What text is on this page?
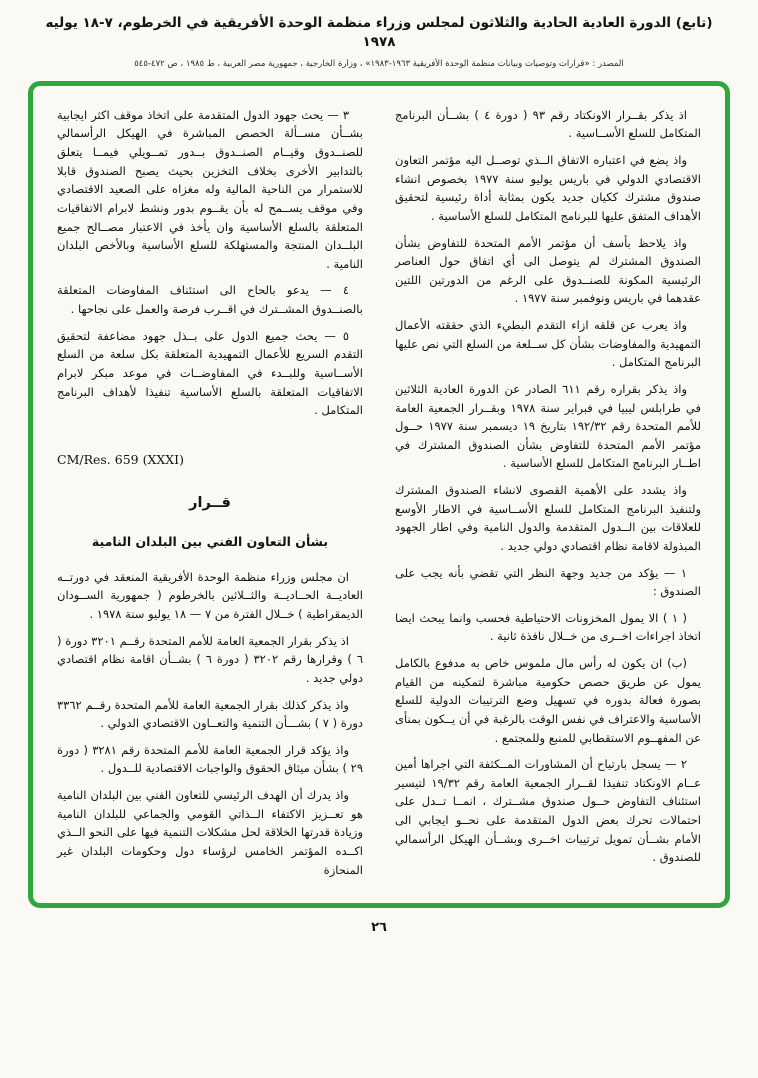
(تابع) الدورة العادية الحادية والثلاثون لمجلس وزراء منظمة الوحدة الأفريقية في الخرطوم، ٧-١٨ يوليه ١٩٧٨
المصدر : «قرارات وتوصيات وبيانات منظمة الوحدة الأفريقية ١٩٦٣-١٩٨٣» ، وزارة الخارجية ، جمهورية مصر العربية ، ط ١٩٨٥ ، ص ٤٧٢-٥٤٥

اذ يذكر بقــرار الاونكتاد رقم ٩٣ ( دورة ٤ ) بشــأن البرنامج المتكامل للسلع الأســاسية .

واذ يضع في اعتباره الاتفاق الــذي توصــل اليه مؤتمر التعاون الاقتصادي الدولي في باريس يوليو سنة ١٩٧٧ بخصوص انشاء صندوق مشترك ككيان جديد يكون بمثابة أداة رئيسية لتحقيق الأهداف المتفق عليها للبرنامج المتكامل للسلع الأساسية .

واذ يلاحظ بأسف أن مؤتمر الأمم المتحدة للتفاوض بشأن الصندوق المشترك لم يتوصل الى أي اتفاق حول العناصر الرئيسية المكونة للصنــدوق على الرغم من الدورتين اللتين عقدهما في باريس ونوفمبر سنة ١٩٧٧ .

واذ يعرب عن قلقه ازاء التقدم البطيء الذي حققته الأعمال التمهيدية والمفاوضات بشأن كل ســلعة من السلع التي نص عليها البرنامج المتكامل .

واذ يذكر بقراره رقم ٦١١ الصادر عن الدورة العادية الثلاثين في طرابلس ليبيا في فبراير سنة ١٩٧٨ وبقــرار الجمعية العامة للأمم المتحدة رقم ١٩٢/٣٢ بتاريخ ١٩ ديسمبر سنة ١٩٧٧ حــول مؤتمر الأمم المتحدة للتفاوض بشأن الصندوق المشترك في اطــار البرنامج المتكامل للسلع الأساسية .

واذ يشدد على الأهمية القصوى لانشاء الصندوق المشترك ولتنفيذ البرنامج المتكامل للسلع الأســاسية في الاطار الأوسع للعلاقات بين الــدول المتقدمة والدول النامية وفي اطار الجهود المبذولة لاقامة نظام اقتصادي دولي جديد .

١ — يؤكد من جديد وجهة النظر التي تقضي بأنه يجب على الصندوق :

( ١ ) الا يمول المخزونات الاحتياطية فحسب وانما يبحث ايضا اتخاذ اجراءات اخــرى من خــلال نافذة ثانية .

(ب) ان يكون له رأس مال ملموس خاص به مدفوع بالكامل يمول عن طريق حصص حكومية مباشرة لتمكينه من القيام بصورة فعالة بدوره في تسهيل وضع الترتيبات الدولية للسلع الأساسية والاعتراف في نفس الوقت بالرغبة في أن يــكون بمنأى عن المفهــوم الاستقطابي للمنبع وللمجتمع .

٢ — يسجل بارتياح أن المشاورات المــكثفة التي اجراها أمين عــام الاونكتاد تنفيذا لقــرار الجمعية العامة رقم ١٩/٣٢ لتيسير استئناف التفاوض حــول صندوق مشــترك ، انمــا تــدل على احتمالات تحرك بعض الدول المتقدمة على نحــو ايجابي الى الأمام بشــأن تمويل ترتيبات اخــرى وبشــأن الهيكل الرأسمالي للصندوق .

٣ — يحث جهود الدول المتقدمة على اتخاذ موقف اكثر ايجابية بشــأن مســألة الحصص المباشرة في الهيكل الرأسمالي للصنــدوق وقيــام الصنــدوق بــدور تمــويلي فيمــا يتعلق بالتدابير الأخرى بخلاف التخزين بحيث يصبح الصندوق قابلا للاستمرار من الناحية المالية وله مغزاه على الصعيد الاقتصادي وفي موقف يســمح له بأن يقــوم بدور ونشط لابرام الاتفاقيات المتعلقة بالسلع الأساسية وان يأخذ في الاعتبار مصــالح جميع البلــدان المنتجة والمستهلكة للسلع الأساسية وبالأخص البلدان النامية .

٤ — يدعو بالحاح الى استئناف المفاوضات المتعلقة بالصنــدوق المشــترك في اقــرب فرصة والعمل على نجاحها .

٥ — يحث جميع الدول على بــذل جهود مضاعفة لتحقيق التقدم السريع للأعمال التمهيدية المتعلقة بكل سلعة من السلع الأســاسية وللبــدء في المفاوضــات في موعد مبكر لابرام الاتفاقيات المتعلقة بالسلع الأساسية تنفيذا لأهداف البرنامج المتكامل .

CM/Res. 659 (XXXI)
قــرار
بشأن التعاون الفني بين البلدان النامية

ان مجلس وزراء منظمة الوحدة الأفريقية المنعقد في دورتــه العاديــة الحــاديــة والثــلاثين بالخرطوم ( جمهورية الســودان الديمقراطية ) خــلال الفترة من ٧ — ١٨ يوليو سنة ١٩٧٨ .

اذ يذكر بقرار الجمعية العامة للأمم المتحدة رقــم ٣٢٠١ دورة ( ٦ ) وقرارها رقم ٣٢٠٢ ( دورة ٦ ) بشــأن اقامة نظام اقتصادي دولي جديد .

واذ يذكر كذلك بقرار الجمعية العامة للأمم المتحدة رقــم ٣٣٦٢ دورة ( ٧ ) بشـــأن التنمية والتعــاون الاقتصادي الدولي .

واذ يؤكد قرار الجمعية العامة للأمم المتحدة رقم ٣٢٨١ ( دورة ٢٩ ) بشأن ميثاق الحقوق والواجبات الاقتصادية للــدول .

واذ يدرك أن الهدف الرئيسي للتعاون الفني بين البلدان النامية هو تعــزيز الاكتفاء الــذاتي القومي والجماعي للبلدان النامية وزيادة قدرتها الخلاقة لحل مشكلات التنمية فيها على النحو الــذي اكــده المؤتمر الخامس لرؤساء دول وحكومات البلدان غير المنحازة

٢٦
